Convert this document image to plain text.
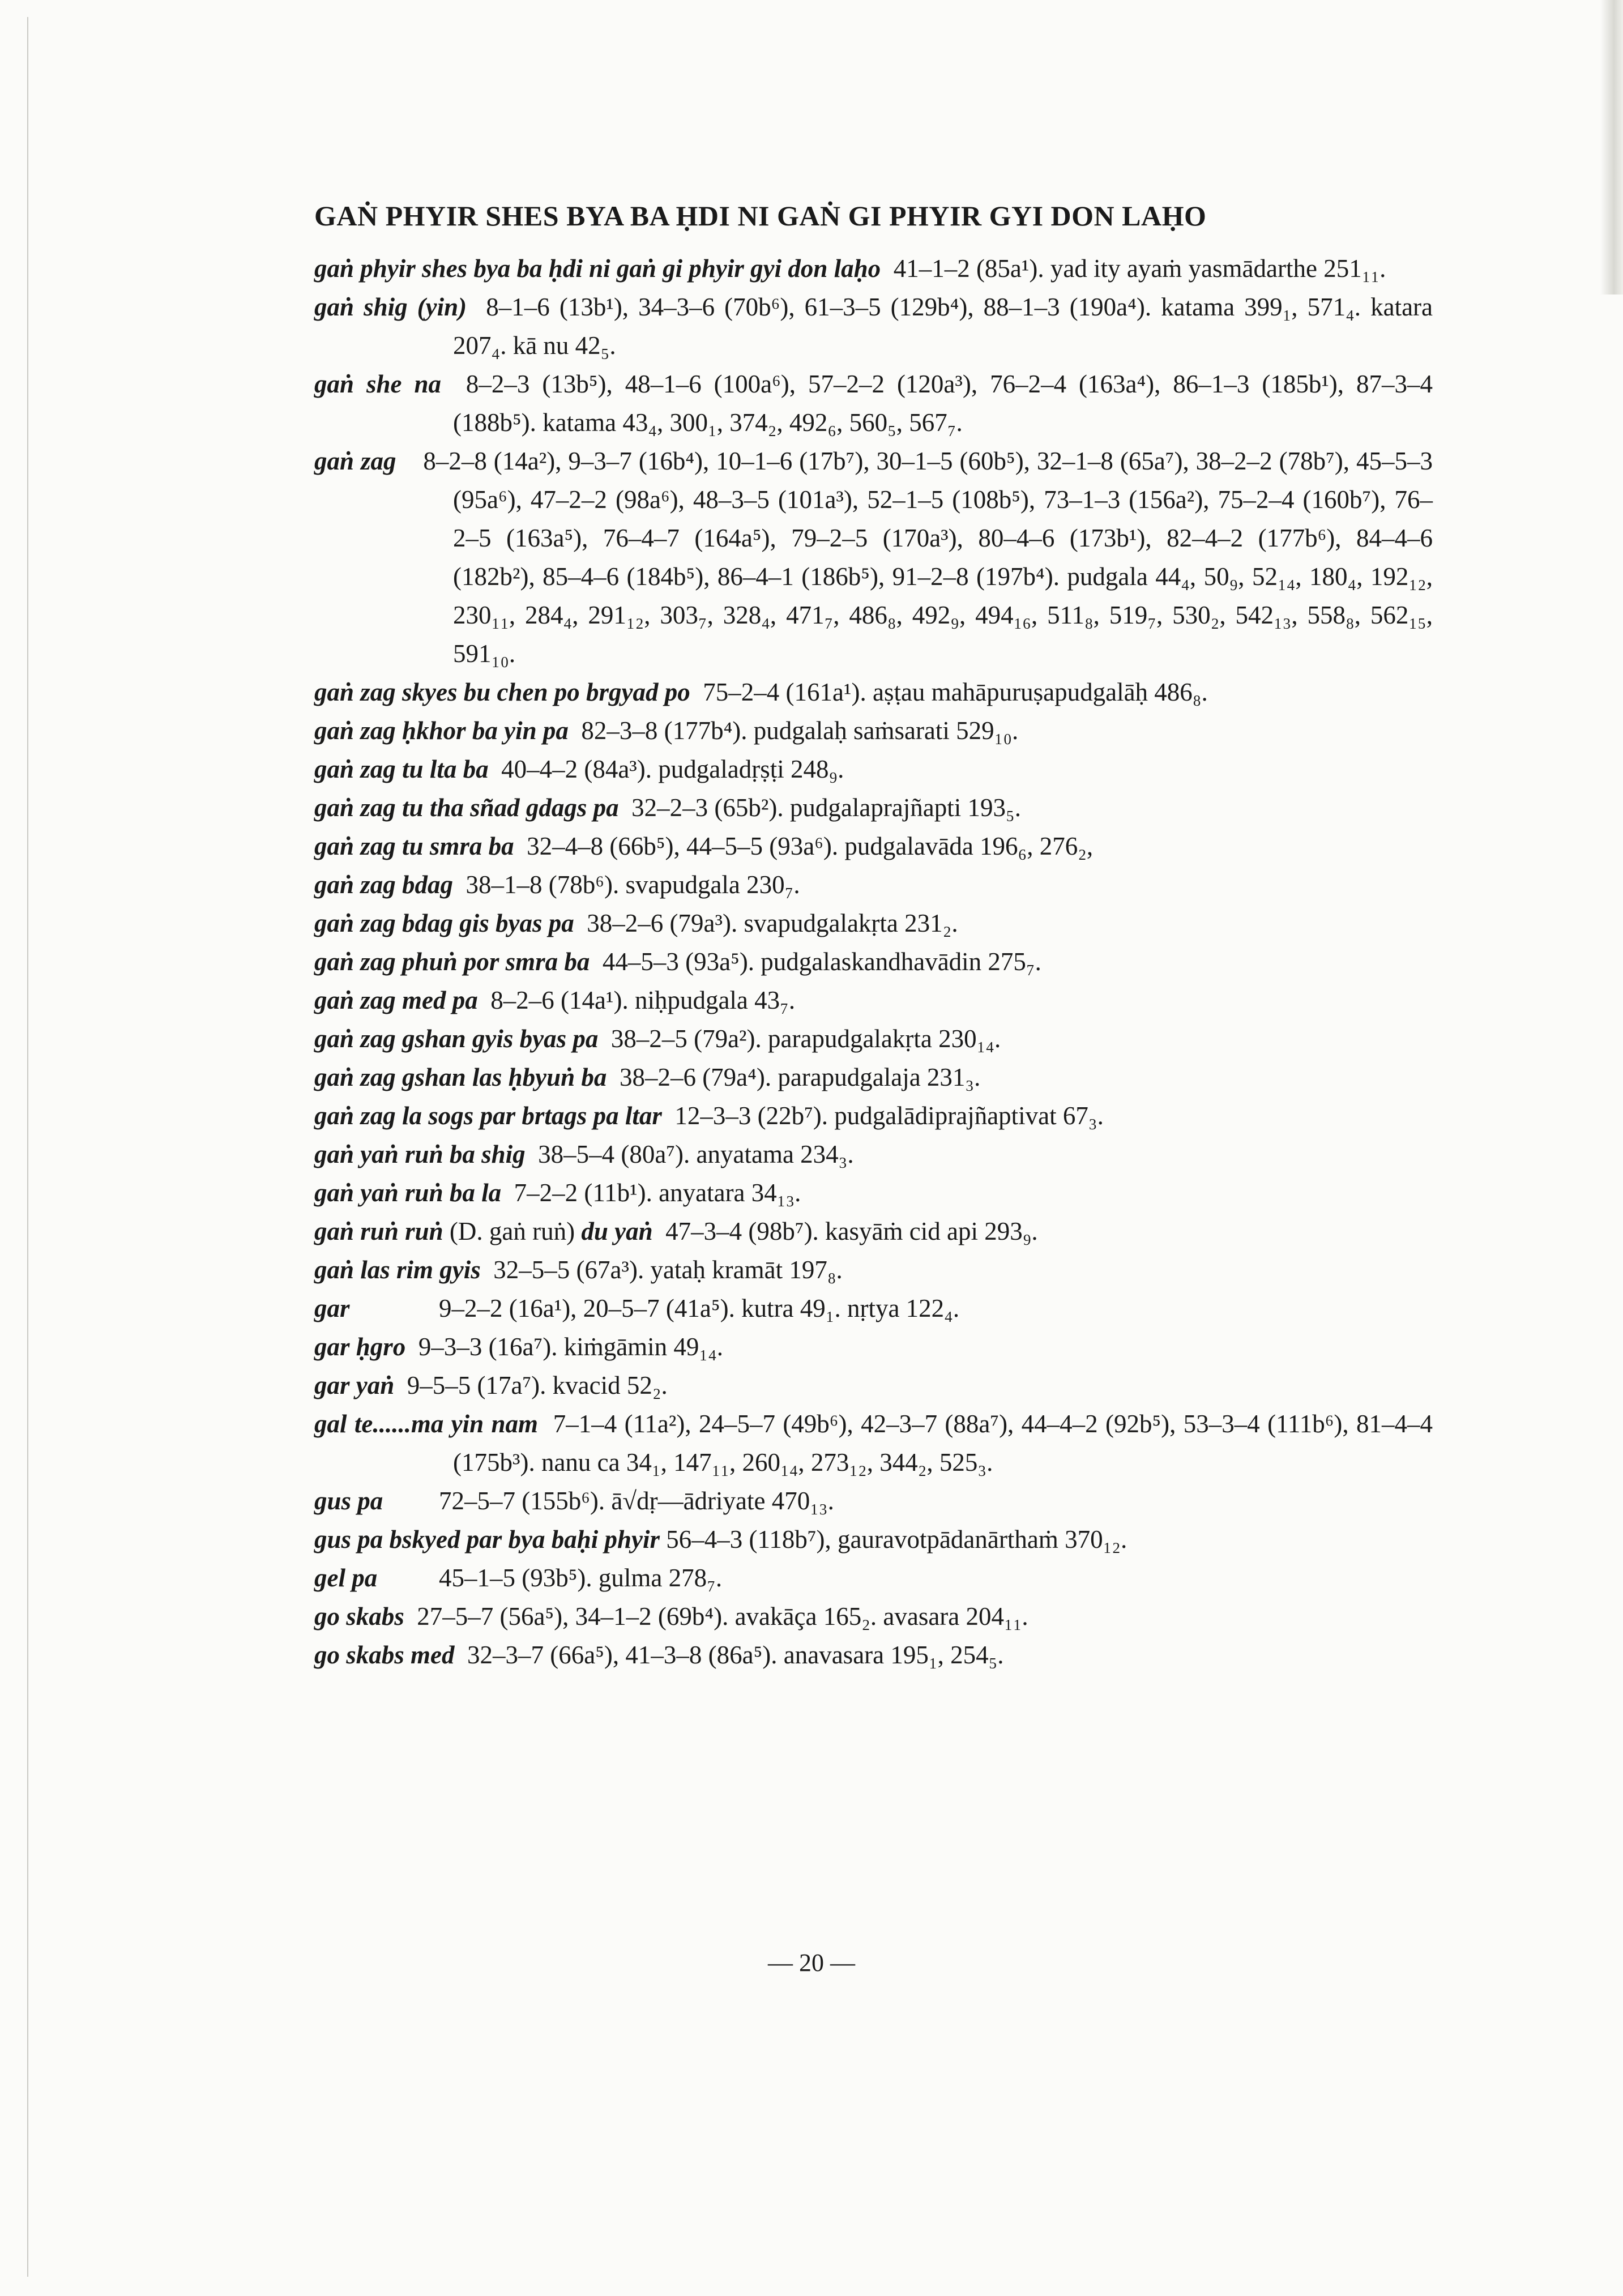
GAṄ PHYIR SHES BYA BA ḤDI NI GAṄ GI PHYIR GYI DON LAḤO
gaṅ phyir shes bya ba ḥdi ni gaṅ gi phyir gyi don laḥo 41–1–2 (85a¹). yad ity ayaṁ yasmādarthe 251₁₁.
gaṅ shig (yin) 8–1–6 (13b¹), 34–3–6 (70b⁶), 61–3–5 (129b⁴), 88–1–3 (190a⁴). katama 399₁, 571₄. katara 207₄. kā nu 42₅.
gaṅ she na 8–2–3 (13b⁵), 48–1–6 (100a⁶), 57–2–2 (120a³), 76–2–4 (163a⁴), 86–1–3 (185b¹), 87–3–4 (188b⁵). katama 43₄, 300₁, 374₂, 492₆, 560₅, 567₇.
gaṅ zag 8–2–8 (14a²), 9–3–7 (16b⁴), 10–1–6 (17b⁷), 30–1–5 (60b⁵), 32–1–8 (65a⁷), 38–2–2 (78b⁷), 45–5–3 (95a⁶), 47–2–2 (98a⁶), 48–3–5 (101a³), 52–1–5 (108b⁵), 73–1–3 (156a²), 75–2–4 (160b⁷), 76–2–5 (163a⁵), 76–4–7 (164a⁵), 79–2–5 (170a³), 80–4–6 (173b¹), 82–4–2 (177b⁶), 84–4–6 (182b²), 85–4–6 (184b⁵), 86–4–1 (186b⁵), 91–2–8 (197b⁴). pudgala 44₄, 50₉, 52₁₄, 180₄, 192₁₂, 230₁₁, 284₄, 291₁₂, 303₇, 328₄, 471₇, 486₈, 492₉, 494₁₆, 511₈, 519₇, 530₂, 542₁₃, 558₈, 562₁₅, 591₁₀.
gaṅ zag skyes bu chen po brgyad po 75–2–4 (161a¹). aṣṭau mahāpuruṣapudgalāḥ 486₈.
gaṅ zag ḥkhor ba yin pa 82–3–8 (177b⁴). pudgalaḥ saṁsarati 529₁₀.
gaṅ zag tu lta ba 40–4–2 (84a³). pudgaladṛṣṭi 248₉.
gaṅ zag tu tha sñad gdags pa 32–2–3 (65b²). pudgalaprajñapti 193₅.
gaṅ zag tu smra ba 32–4–8 (66b⁵), 44–5–5 (93a⁶). pudgalavāda 196₆, 276₂,
gaṅ zag bdag 38–1–8 (78b⁶). svapudgala 230₇.
gaṅ zag bdag gis byas pa 38–2–6 (79a³). svapudgalakṛta 231₂.
gaṅ zag phuṅ por smra ba 44–5–3 (93a⁵). pudgalaskandhavādin 275₇.
gaṅ zag med pa 8–2–6 (14a¹). niḥpudgala 43₇.
gaṅ zag gshan gyis byas pa 38–2–5 (79a²). parapudgalakṛta 230₁₄.
gaṅ zag gshan las ḥbyuṅ ba 38–2–6 (79a⁴). parapudgalaja 231₃.
gaṅ zag la sogs par brtags pa ltar 12–3–3 (22b⁷). pudgalādiprajñaptivat 67₃.
gaṅ yaṅ ruṅ ba shig 38–5–4 (80a⁷). anyatama 234₃.
gaṅ yaṅ ruṅ ba la 7–2–2 (11b¹). anyatara 34₁₃.
gaṅ ruṅ ruṅ (D. gaṅ ruṅ) du yaṅ 47–3–4 (98b⁷). kasyāṁ cid api 293₉.
gaṅ las rim gyis 32–5–5 (67a³). yataḥ kramāt 197₈.
gar	9–2–2 (16a¹), 20–5–7 (41a⁵). kutra 49₁. nṛtya 122₄.
gar ḥgro 9–3–3 (16a⁷). kiṁgāmin 49₁₄.
gar yaṅ 9–5–5 (17a⁷). kvacid 52₂.
gal te......ma yin nam 7–1–4 (11a²), 24–5–7 (49b⁶), 42–3–7 (88a⁷), 44–4–2 (92b⁵), 53–3–4 (111b⁶), 81–4–4 (175b³). nanu ca 34₁, 147₁₁, 260₁₄, 273₁₂, 344₂, 525₃.
gus pa 72–5–7 (155b⁶). ā√dṛ—ādriyate 470₁₃.
gus pa bskyed par bya baḥi phyir 56–4–3 (118b⁷), gauravotpādanārthaṁ 370₁₂.
gel pa 45–1–5 (93b⁵). gulma 278₇.
go skabs 27–5–7 (56a⁵), 34–1–2 (69b⁴). avakāça 165₂. avasara 204₁₁.
go skabs med 32–3–7 (66a⁵), 41–3–8 (86a⁵). anavasara 195₁, 254₅.
— 20 —
